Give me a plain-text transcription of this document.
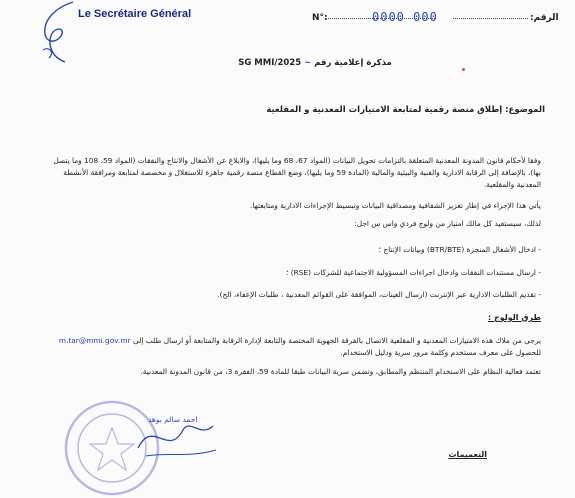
Le Secrétaire Général	N°:	0000 000	الرقم:
مذكرة إعلامية رقم ~ SG MMI/2025
الموضوع: إطلاق منصة رقمية لمتابعة الامتيازات المعدنية و المقلعية
وفقا لأحكام قانون المدونة المعدنية المتعلقة بالتزامات تحويل البيانات (المواد 67، 68 وما يليها)، والابلاغ عن الأشغال والانتاج والنفقات (المواد 59، 108 وما يتصل بها)، بالإضافة إلى الرقابة الادارية والفنية والبيئية والمالية (المادة 59 وما يليها)، وضع القطاع منصة رقمية جاهزة للاستغلال و مخصصة لمتابعة ومرافقة الأنشطة المعدنية والمقلعية.
يأتي هذا الإجراء في إطار تعزيز الشفافية ومصداقية البيانات وتبسيط الإجراءات الادارية ومتابعتها.
لذلك، سيستفيد كل مالك امتياز من ولوج فردي واس س اجل:
- ادخال الأشغال المنجزة (BTR/BTE) وبيانات الإنتاج ؛
- ارسال مستندات النفقات وادخال اجراءات المسؤولية الاجتماعية للشركات (RSE) ؛
- تقديم الطلبات الادارية عبر الإنترنت (ارسال العينات، الموافقة على القوائم المعدنية ، طلبات الإعفاء، الخ).
طرق الولوج :
يرجى من ملاك هذه الامتيازات المعدنية و المقلعية الاتصال بالفرقة الجهوية المختصة والتابعة لإدارة الرقابة والمتابعة أو ارسال طلب إلى m.tar@mmi.gov.mr للحصول على معرف مستخدم وكلمة مرور سرية ودليل الاستخدام.
تعتمد فعالية النظام على الاستخدام المنتظم والمطابق، وتضمن سرية البيانات طبقا للمادة 59، الفقرة 3، من قانون المدونة المعدنية.
احمد سالم بوهد
التعميمات
